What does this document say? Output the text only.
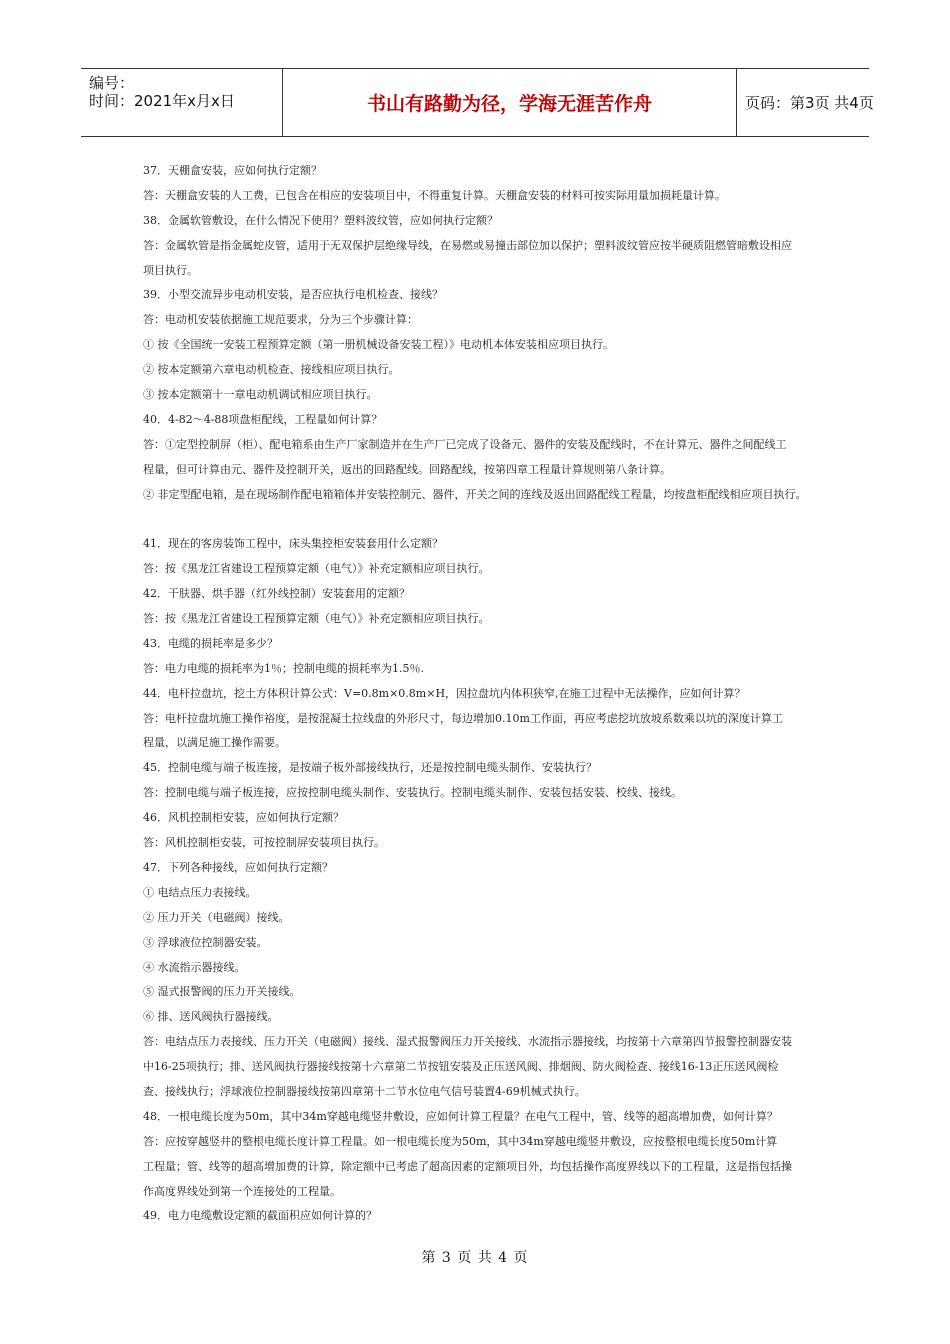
编号：
时间：2021年x月x日	书山有路勤为径，学海无涯苦作舟	页码：第3页 共4页
37．天棚盒安装，应如何执行定额？
答：天棚盒安装的人工费，已包含在相应的安装项目中，不得重复计算。天棚盒安装的材料可按实际用量加损耗量计算。
38．金属软管敷设，在什么情况下使用？塑料波纹管，应如何执行定额？
答：金属软管是指金属蛇皮管，适用于无双保护层绝缘导线，在易燃或易撞击部位加以保护；塑料波纹管应按半硬质阻燃管暗敷设相应
项目执行。
39．小型交流异步电动机安装，是否应执行电机检查、接线？
答：电动机安装依据施工规范要求，分为三个步骤计算：
① 按《全国统一安装工程预算定额（第一册机械设备安装工程）》电动机本体安装相应项目执行。
② 按本定额第六章电动机检查、接线相应项目执行。
③ 按本定额第十一章电动机调试相应项目执行。
40．4-82～4-88项盘柜配线，工程量如何计算？
答：①定型控制屏（柜）、配电箱系由生产厂家制造并在生产厂已完成了设备元、器件的安装及配线时，不在计算元、器件之间配线工
程量，但可计算由元、器件及控制开关，返出的回路配线。回路配线，按第四章工程量计算规则第八条计算。
② 非定型配电箱，是在现场制作配电箱箱体并安装控制元、器件，开关之间的连线及返出回路配线工程量，均按盘柜配线相应项目执行。
41．现在的客房装饰工程中，床头集控柜安装套用什么定额？
答：按《黑龙江省建设工程预算定额（电气）》补充定额相应项目执行。
42．干肤器、烘手器（红外线控制）安装套用的定额？
答：按《黑龙江省建设工程预算定额（电气）》补充定额相应项目执行。
43．电缆的损耗率是多少？
答：电力电缆的损耗率为1％；控制电缆的损耗率为1.5％.
44．电杆拉盘坑，挖土方体积计算公式：V=0.8m×0.8m×H，因拉盘坑内体积狭窄,在施工过程中无法操作，应如何计算？
答：电杆拉盘坑施工操作裕度，是按混凝土拉线盘的外形尺寸，每边增加0.10m工作面，再应考虑挖坑放坡系数乘以坑的深度计算工
程量，以满足施工操作需要。
45．控制电缆与端子板连接，是按端子板外部接线执行，还是按控制电缆头制作、安装执行？
答：控制电缆与端子板连接，应按控制电缆头制作、安装执行。控制电缆头制作、安装包括安装、校线、接线。
46．风机控制柜安装，应如何执行定额？
答：风机控制柜安装，可按控制屏安装项目执行。
47．下列各种接线，应如何执行定额？
① 电结点压力表接线。
② 压力开关（电磁阀）接线。
③ 浮球液位控制器安装。
④ 水流指示器接线。
⑤ 湿式报警阀的压力开关接线。
⑥ 排、送风阀执行器接线。
答：电结点压力表接线、压力开关（电磁阀）接线、湿式报警阀压力开关接线、水流指示器接线，均按第十六章第四节报警控制器安装
中16-25项执行；排、送风阀执行器接线按第十六章第二节按钮安装及正压送风阀、排烟阀、防火阀检查、接线16-13正压送风阀检
查、接线执行；浮球液位控制器接线按第四章第十二节水位电气信号装置4-69机械式执行。
48．一根电缆长度为50m，其中34m穿越电缆竖井敷设，应如何计算工程量？在电气工程中，管、线等的超高增加费，如何计算？
答：应按穿越竖井的整根电缆长度计算工程量。如一根电缆长度为50m，其中34m穿越电缆竖井敷设，应按整根电缆长度50m计算
工程量；管、线等的超高增加费的计算，除定额中已考虑了超高因素的定额项目外，均包括操作高度界线以下的工程量，这是指包括操
作高度界线处到第一个连接处的工程量。
49．电力电缆敷设定额的截面积应如何计算的？
第 3 页 共 4 页
